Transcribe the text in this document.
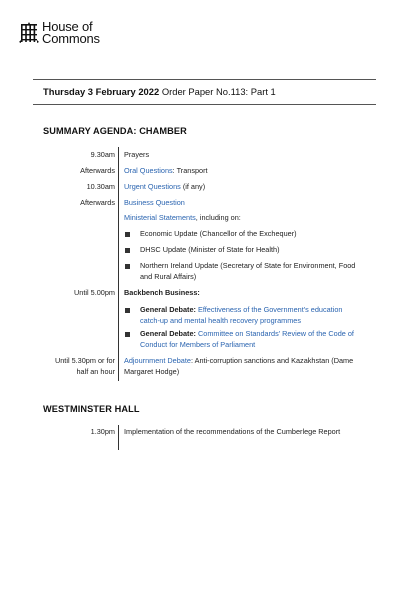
House of
Commons
Thursday 3 February 2022 Order Paper No.113: Part 1
SUMMARY AGENDA: CHAMBER
9.30am Prayers
Afterwards Oral Questions: Transport
10.30am Urgent Questions (if any)
Afterwards Business Question
Ministerial Statements, including on:
Economic Update (Chancellor of the Exchequer)
DHSC Update (Minister of State for Health)
Northern Ireland Update (Secretary of State for Environment, Food and Rural Affairs)
Until 5.00pm Backbench Business:
General Debate: Effectiveness of the Government's education catch-up and mental health recovery programmes
General Debate: Committee on Standards' Review of the Code of Conduct for Members of Parliament
Until 5.30pm or for
half an hour
Adjournment Debate: Anti-corruption sanctions and Kazakhstan (Dame Margaret Hodge)
WESTMINSTER HALL
1.30pm Implementation of the recommendations of the Cumberlege Report
